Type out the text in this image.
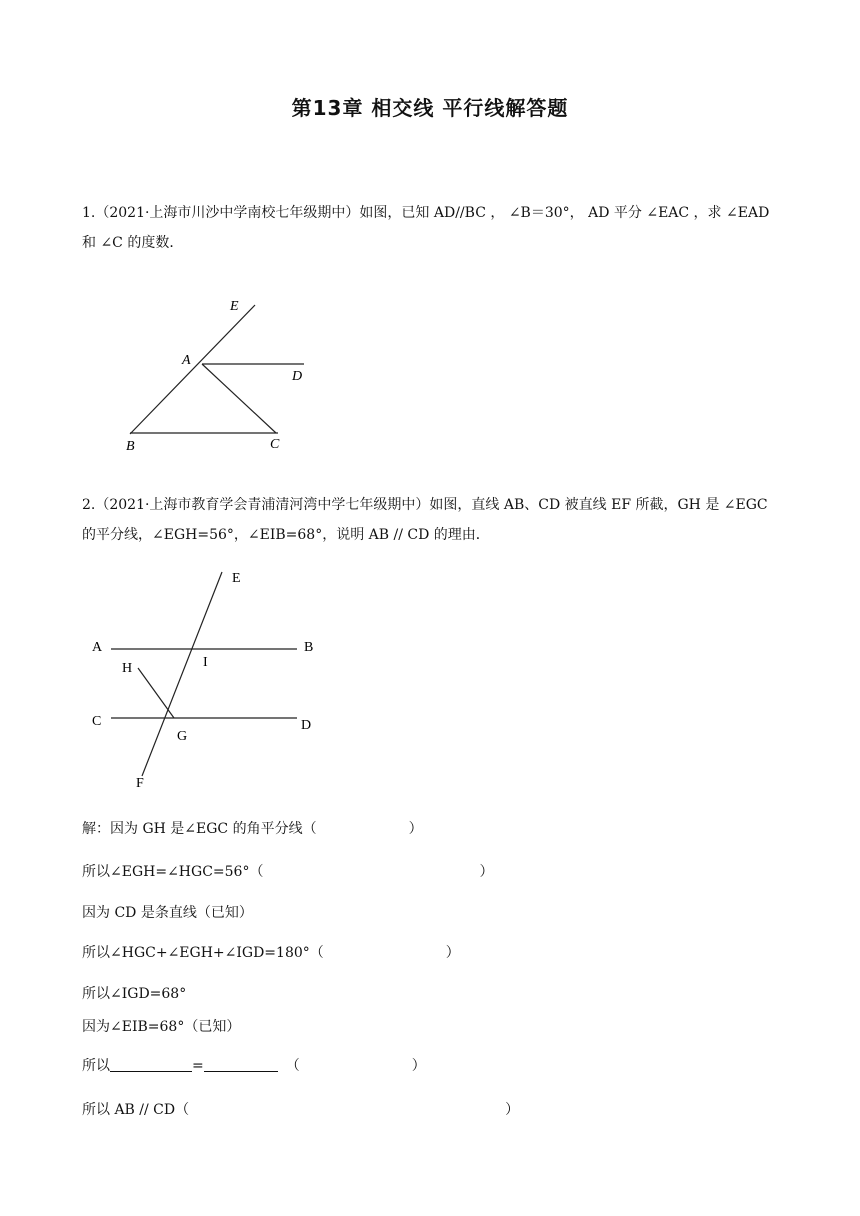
第13章 相交线 平行线解答题
1.（2021·上海市川沙中学南校七年级期中）如图，已知 AD//BC ， ∠B＝30°， AD 平分 ∠EAC ，求 ∠EAD
和 ∠C 的度数．
E
A
D
B	C
2.（2021·上海市教育学会青浦清河湾中学七年级期中）如图，直线 AB、CD 被直线 EF 所截，GH 是 ∠EGC
的平分线，∠EGH=56°，∠EIB=68°，说明 AB // CD 的理由．
E
A	B
H	I
C	D
G
F
解：因为 GH 是∠EGC 的角平分线（	）
所以∠EGH=∠HGC=56°（	）
因为 CD 是条直线（已知）
所以∠HGC+∠EGH+∠IGD=180°（	）
所以∠IGD=68°
因为∠EIB=68°（已知）
所以	=	（	）
所以 AB // CD（	）
